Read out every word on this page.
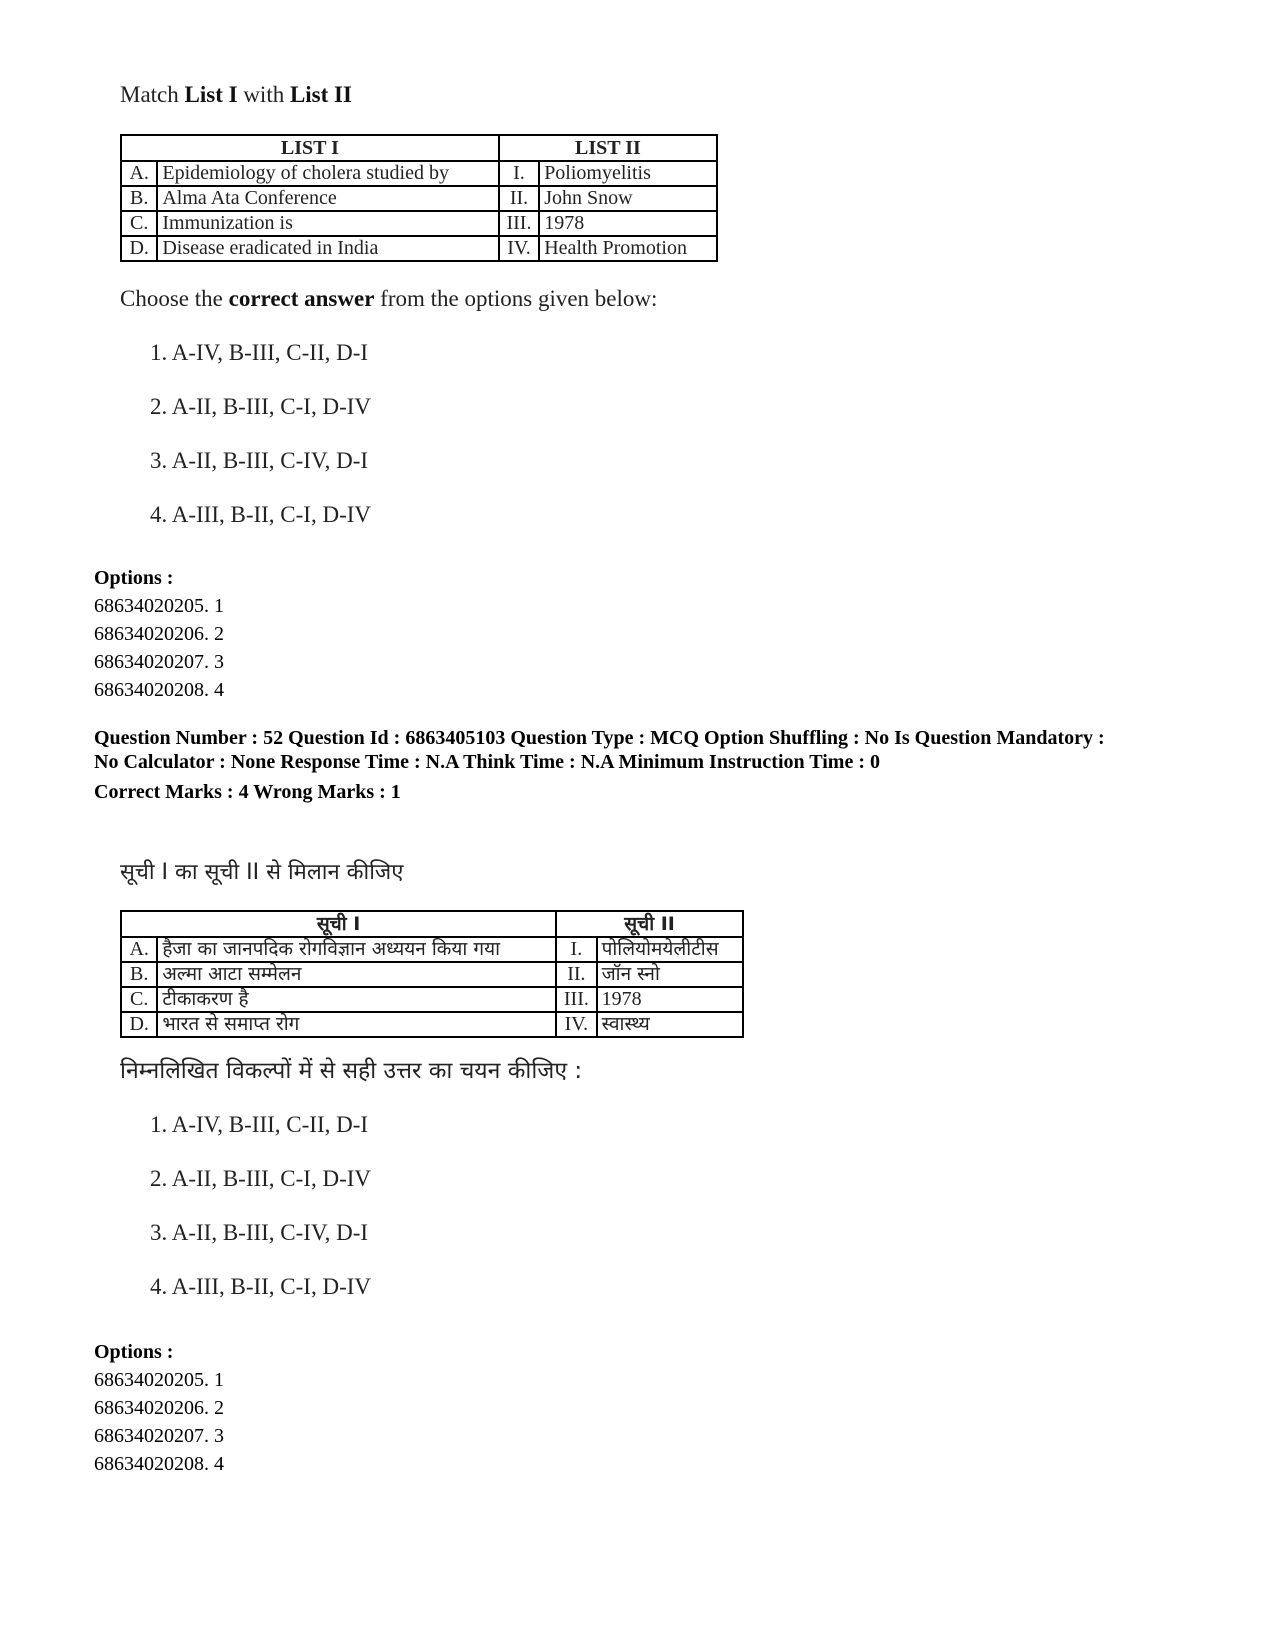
Match List I with List II

LIST I		LIST II	
A.	Epidemiology of cholera studied by	I.	Poliomyelitis
B.	Alma Ata Conference	II.	John Snow
C.	Immunization is	III.	1978
D.	Disease eradicated in India	IV.	Health Promotion

Choose the correct answer from the options given below:

1. A-IV, B-III, C-II, D-I
2. A-II, B-III, C-I, D-IV
3. A-II, B-III, C-IV, D-I
4. A-III, B-II, C-I, D-IV
Options :
68634020205. 1
68634020206. 2
68634020207. 3
68634020208. 4
Question Number : 52 Question Id : 6863405103 Question Type : MCQ Option Shuffling : No Is Question Mandatory :
No Calculator : None Response Time : N.A Think Time : N.A Minimum Instruction Time : 0
Correct Marks : 4 Wrong Marks : 1

सूची I का सूची II से मिलान कीजिए

सूची I		सूची II	
A.	हैजा का जानपदिक रोगविज्ञान अध्ययन किया गया	I.	पोलियोमयेलीटीस
B.	अल्मा आटा सम्मेलन	II.	जॉन स्नो
C.	टीकाकरण है	III.	1978
D.	भारत से समाप्त रोग	IV.	स्वास्थ्य

निम्नलिखित विकल्पों में से सही उत्तर का चयन कीजिए :

1. A-IV, B-III, C-II, D-I
2. A-II, B-III, C-I, D-IV
3. A-II, B-III, C-IV, D-I
4. A-III, B-II, C-I, D-IV
Options :
68634020205. 1
68634020206. 2
68634020207. 3
68634020208. 4
